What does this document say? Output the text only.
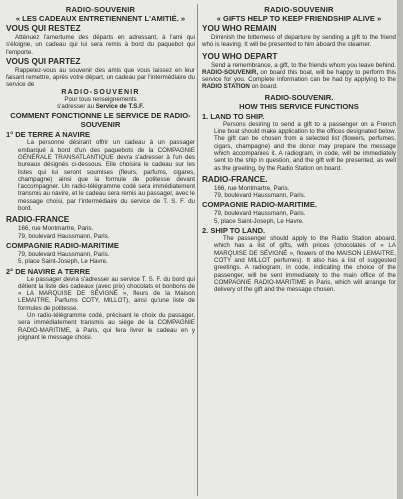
RADIO-SOUVENIR
« LES CADEAUX ENTRETIENNENT L'AMITIÉ. »
VOUS QUI RESTEZ

Atténuez l'amertume des départs en adressant, à l'ami qui s'éloigne, un cadeau qui lui sera remis à bord du paquebot qui l'emporte.

VOUS QUI PARTEZ

Rappelez-vous au souvenir des amis que vous laissez en leur faisant remettre, après votre départ, un cadeau par l'intermédiaire du service de

RADIO-SOUVENIR

Pour tous renseignements

s'adresser au Service de T.S.F.

COMMENT FONCTIONNE LE SERVICE DE RADIO-SOUVENIR
1° DE TERRE A NAVIRE

La personne désirant offrir un cadeau à un passager embarqué à bord d'un des paquebots de la COMPAGNIE GÉNÉRALE TRANSATLANTIQUE devra s'adresser à l'un des bureaux désignés ci-dessous. Elle choisira le cadeau sur les listes qui lui seront soumises (fleurs, parfums, cigares, champagne) ainsi que la formule de politesse devant l'accompagner. Un radio-télégramme codé sera immédiatement transmis au navire, et le cadeau sera remis au passager, avec le message choisi, par l'intermédiaire du service de T. S. F. du bord.

RADIO-FRANCE

166, rue Montmartre, Paris.

79, boulevard Haussmann, Paris.

COMPAGNIE RADIO-MARITIME

79, boulevard Haussmann, Paris.

5, place Saint-Joseph, Le Havre.

2° DE NAVIRE A TERRE

Le passager devra s'adresser au service T. S. F. du bord qui détient la liste des cadeaux (avec prix) chocolats et bonbons de « LA MARQUISE DE SÉVIGNÉ », fleurs de la Maison LEMAITRE, Parfums COTY, MILLOT), ainsi qu'une liste de formules de politesse.

Un radio-télégramme codé, précisant le choix du passager, sera immédiatement transmis au siège de la COMPAGNIE RADIO-MARITIME, à Paris, qui fera livrer le cadeau en y joignant le message choisi.

RADIO-SOUVENIR
« GIFTS HELP TO KEEP FRIENDSHIP ALIVE »
YOU WHO REMAIN

Diminish the bitterness of departure by sending a gift to the friend who is leaving. It will be presented to him aboard the steamer.

YOU WHO DEPART

Send a remembrance, a gift, to the friends whom you leave behind. RADIO-SOUVENIR, on board this boat, will be happy to perform this service for you. Complete information can be had by applying to the RADIO STATION on board.

RADIO-SOUVENIR.
HOW THIS SERVICE FUNCTIONS
1. LAND TO SHIP.

Persons desiring to send a gift to a passenger on a French Line boat should make application to the offices designated below. The gift can be chosen from a selected list (flowers, perfumes, cigars, champagne) and the donor may prepare the message which accompanies it. A radiogram, in code, will be immediately sent to the ship in question, and the gift will be presented, as well as the greeting, by the Radio Station on board.

RADIO-FRANCE.

166, rue Montmartre, Paris.

79, boulevard Haussmann, Paris.

COMPAGNIE RADIO-MARITIME.

79, boulevard Haussmann, Paris.

5, place Saint-Joseph, Le Havre.

2. SHIP TO LAND.

The passenger should apply to the Radio Station aboard, which has a list of gifts, with prices (chocolates of « LA MARQUISE DE SÉVIGNÉ », flowers of the MAISON LEMAITRE, COTY and MILLOT perfumes). It also has a list of suggested greetings. A radiogram, in code, indicating the choice of the passenger, will be sent immediately to the main office of the COMPAGNIE RADIO-MARITIME in Paris, which will arrange for delivery of the gift and the message chosen.
